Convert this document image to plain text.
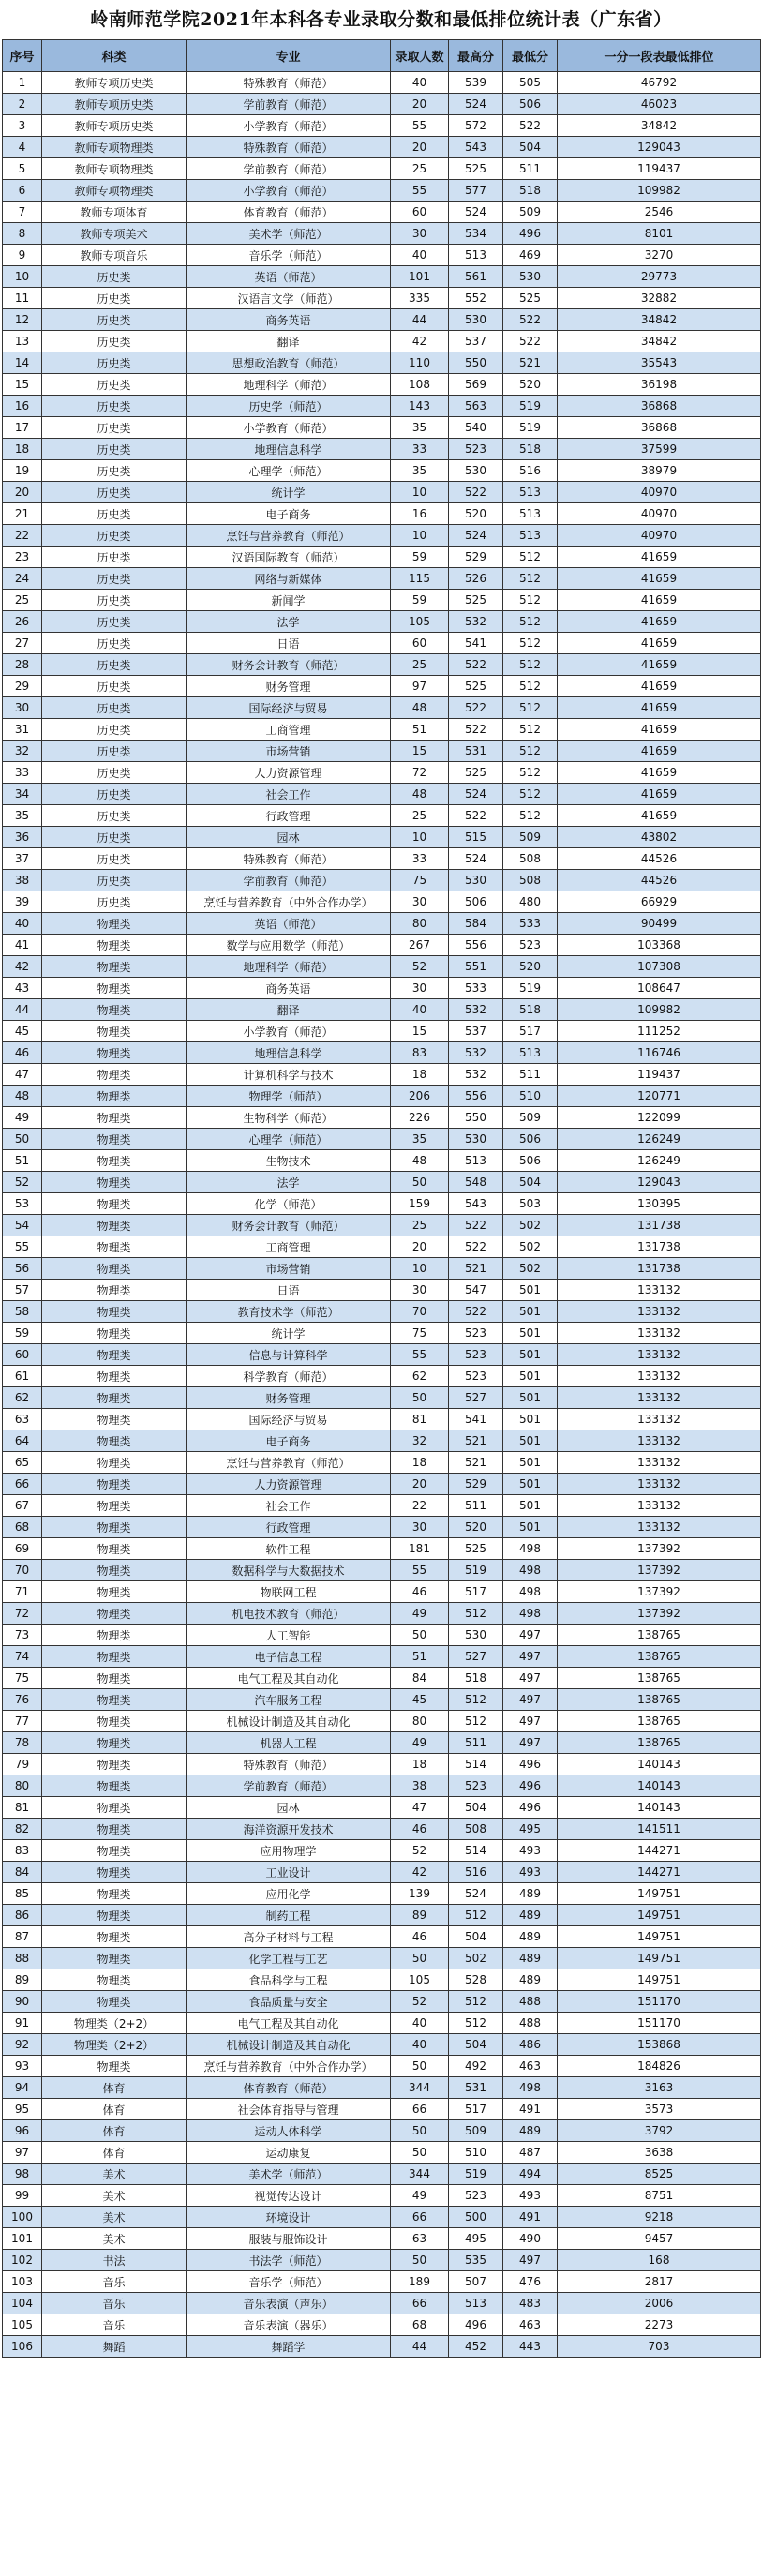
岭南师范学院2021年本科各专业录取分数和最低排位统计表（广东省）
序号	科类	专业	录取人数	最高分	最低分	一分一段表最低排位
1	教师专项历史类	特殊教育（师范）	40	539	505	46792
2	教师专项历史类	学前教育（师范）	20	524	506	46023
3	教师专项历史类	小学教育（师范）	55	572	522	34842
4	教师专项物理类	特殊教育（师范）	20	543	504	129043
5	教师专项物理类	学前教育（师范）	25	525	511	119437
6	教师专项物理类	小学教育（师范）	55	577	518	109982
7	教师专项体育	体育教育（师范）	60	524	509	2546
8	教师专项美术	美术学（师范）	30	534	496	8101
9	教师专项音乐	音乐学（师范）	40	513	469	3270
10	历史类	英语（师范）	101	561	530	29773
11	历史类	汉语言文学（师范）	335	552	525	32882
12	历史类	商务英语	44	530	522	34842
13	历史类	翻译	42	537	522	34842
14	历史类	思想政治教育（师范）	110	550	521	35543
15	历史类	地理科学（师范）	108	569	520	36198
16	历史类	历史学（师范）	143	563	519	36868
17	历史类	小学教育（师范）	35	540	519	36868
18	历史类	地理信息科学	33	523	518	37599
19	历史类	心理学（师范）	35	530	516	38979
20	历史类	统计学	10	522	513	40970
21	历史类	电子商务	16	520	513	40970
22	历史类	烹饪与营养教育（师范）	10	524	513	40970
23	历史类	汉语国际教育（师范）	59	529	512	41659
24	历史类	网络与新媒体	115	526	512	41659
25	历史类	新闻学	59	525	512	41659
26	历史类	法学	105	532	512	41659
27	历史类	日语	60	541	512	41659
28	历史类	财务会计教育（师范）	25	522	512	41659
29	历史类	财务管理	97	525	512	41659
30	历史类	国际经济与贸易	48	522	512	41659
31	历史类	工商管理	51	522	512	41659
32	历史类	市场营销	15	531	512	41659
33	历史类	人力资源管理	72	525	512	41659
34	历史类	社会工作	48	524	512	41659
35	历史类	行政管理	25	522	512	41659
36	历史类	园林	10	515	509	43802
37	历史类	特殊教育（师范）	33	524	508	44526
38	历史类	学前教育（师范）	75	530	508	44526
39	历史类	烹饪与营养教育（中外合作办学）	30	506	480	66929
40	物理类	英语（师范）	80	584	533	90499
41	物理类	数学与应用数学（师范）	267	556	523	103368
42	物理类	地理科学（师范）	52	551	520	107308
43	物理类	商务英语	30	533	519	108647
44	物理类	翻译	40	532	518	109982
45	物理类	小学教育（师范）	15	537	517	111252
46	物理类	地理信息科学	83	532	513	116746
47	物理类	计算机科学与技术	18	532	511	119437
48	物理类	物理学（师范）	206	556	510	120771
49	物理类	生物科学（师范）	226	550	509	122099
50	物理类	心理学（师范）	35	530	506	126249
51	物理类	生物技术	48	513	506	126249
52	物理类	法学	50	548	504	129043
53	物理类	化学（师范）	159	543	503	130395
54	物理类	财务会计教育（师范）	25	522	502	131738
55	物理类	工商管理	20	522	502	131738
56	物理类	市场营销	10	521	502	131738
57	物理类	日语	30	547	501	133132
58	物理类	教育技术学（师范）	70	522	501	133132
59	物理类	统计学	75	523	501	133132
60	物理类	信息与计算科学	55	523	501	133132
61	物理类	科学教育（师范）	62	523	501	133132
62	物理类	财务管理	50	527	501	133132
63	物理类	国际经济与贸易	81	541	501	133132
64	物理类	电子商务	32	521	501	133132
65	物理类	烹饪与营养教育（师范）	18	521	501	133132
66	物理类	人力资源管理	20	529	501	133132
67	物理类	社会工作	22	511	501	133132
68	物理类	行政管理	30	520	501	133132
69	物理类	软件工程	181	525	498	137392
70	物理类	数据科学与大数据技术	55	519	498	137392
71	物理类	物联网工程	46	517	498	137392
72	物理类	机电技术教育（师范）	49	512	498	137392
73	物理类	人工智能	50	530	497	138765
74	物理类	电子信息工程	51	527	497	138765
75	物理类	电气工程及其自动化	84	518	497	138765
76	物理类	汽车服务工程	45	512	497	138765
77	物理类	机械设计制造及其自动化	80	512	497	138765
78	物理类	机器人工程	49	511	497	138765
79	物理类	特殊教育（师范）	18	514	496	140143
80	物理类	学前教育（师范）	38	523	496	140143
81	物理类	园林	47	504	496	140143
82	物理类	海洋资源开发技术	46	508	495	141511
83	物理类	应用物理学	52	514	493	144271
84	物理类	工业设计	42	516	493	144271
85	物理类	应用化学	139	524	489	149751
86	物理类	制药工程	89	512	489	149751
87	物理类	高分子材料与工程	46	504	489	149751
88	物理类	化学工程与工艺	50	502	489	149751
89	物理类	食品科学与工程	105	528	489	149751
90	物理类	食品质量与安全	52	512	488	151170
91	物理类（2+2）	电气工程及其自动化	40	512	488	151170
92	物理类（2+2）	机械设计制造及其自动化	40	504	486	153868
93	物理类	烹饪与营养教育（中外合作办学）	50	492	463	184826
94	体育	体育教育（师范）	344	531	498	3163
95	体育	社会体育指导与管理	66	517	491	3573
96	体育	运动人体科学	50	509	489	3792
97	体育	运动康复	50	510	487	3638
98	美术	美术学（师范）	344	519	494	8525
99	美术	视觉传达设计	49	523	493	8751
100	美术	环境设计	66	500	491	9218
101	美术	服装与服饰设计	63	495	490	9457
102	书法	书法学（师范）	50	535	497	168
103	音乐	音乐学（师范）	189	507	476	2817
104	音乐	音乐表演（声乐）	66	513	483	2006
105	音乐	音乐表演（器乐）	68	496	463	2273
106	舞蹈	舞蹈学	44	452	443	703
